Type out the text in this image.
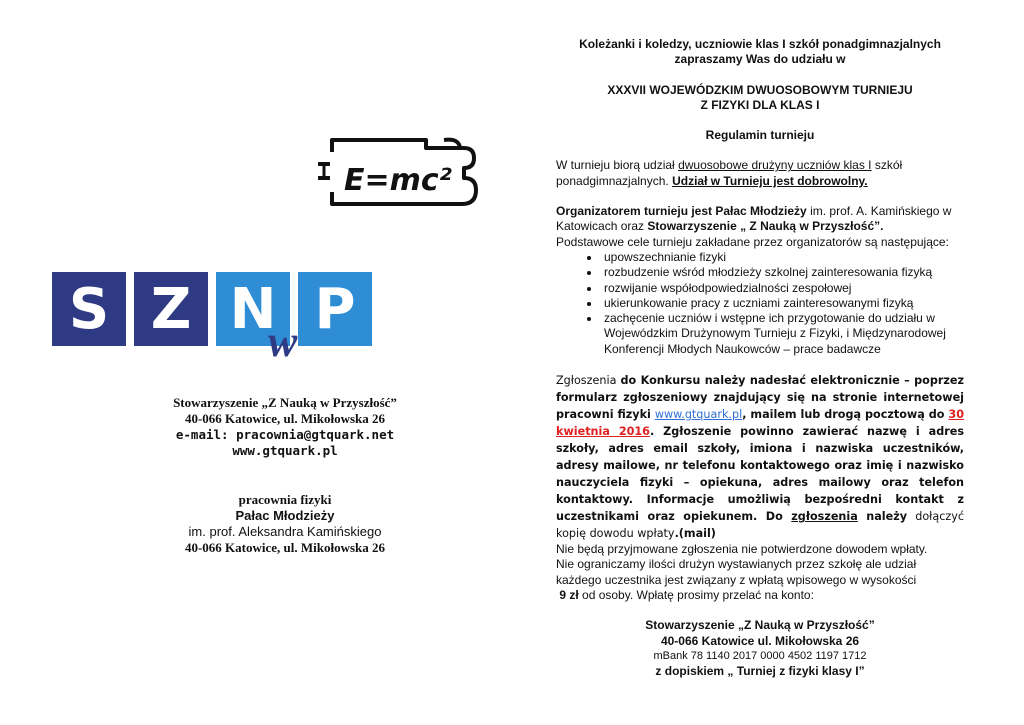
E=mc²
S Z N P
w
Stowarzyszenie „Z Nauką w Przyszłość”
40-066 Katowice, ul. Mikołowska 26
e-mail: pracownia@gtquark.net
www.gtquark.pl
pracownia fizyki
Pałac Młodzieży
im. prof. Aleksandra Kamińskiego
40-066 Katowice, ul. Mikołowska 26
Koleżanki i koledzy, uczniowie klas I szkół ponadgimnazjalnych
zapraszamy Was do udziału w
XXXVII WOJEWÓDZKIM DWUOSOBOWYM TURNIEJU
Z FIZYKI DLA KLAS I
Regulamin turnieju
W turnieju biorą udział dwuosobowe drużyny uczniów klas I szkół ponadgimnazjalnych. Udział w Turnieju jest dobrowolny.
Organizatorem turnieju jest Pałac Młodzieży im. prof. A. Kamińskiego w Katowicach oraz Stowarzyszenie „ Z Nauką w Przyszłość”.
Podstawowe cele turnieju zakładane przez organizatorów są następujące:
• upowszechnianie fizyki
• rozbudzenie wśród młodzieży szkolnej zainteresowania fizyką
• rozwijanie współodpowiedzialności zespołowej
• ukierunkowanie pracy z uczniami zainteresowanymi fizyką
• zachęcenie uczniów i wstępne ich przygotowanie do udziału w Wojewódzkim Drużynowym Turnieju z Fizyki, i Międzynarodowej Konferencji Młodych Naukowców – prace badawcze
Zgłoszenia do Konkursu należy nadesłać elektronicznie – poprzez formularz zgłoszeniowy znajdujący się na stronie internetowej pracowni fizyki www.gtquark.pl, mailem lub drogą pocztową do 30 kwietnia 2016. Zgłoszenie powinno zawierać nazwę i adres szkoły, adres email szkoły, imiona i nazwiska uczestników, adresy mailowe, nr telefonu kontaktowego oraz imię i nazwisko nauczyciela fizyki – opiekuna, adres mailowy oraz telefon kontaktowy. Informacje umożliwią bezpośredni kontakt z uczestnikami oraz opiekunem. Do zgłoszenia należy dołączyć kopię dowodu wpłaty.(mail)
Nie będą przyjmowane zgłoszenia nie potwierdzone dowodem wpłaty.
Nie ograniczamy ilości drużyn wystawianych przez szkołę ale udział każdego uczestnika jest związany z wpłatą wpisowego w wysokości
9 zł od osoby. Wpłatę prosimy przelać na konto:
Stowarzyszenie „Z Nauką w Przyszłość”
40-066 Katowice ul. Mikołowska 26
mBank 78 1140 2017 0000 4502 1197 1712
z dopiskiem „ Turniej z fizyki klasy I”
